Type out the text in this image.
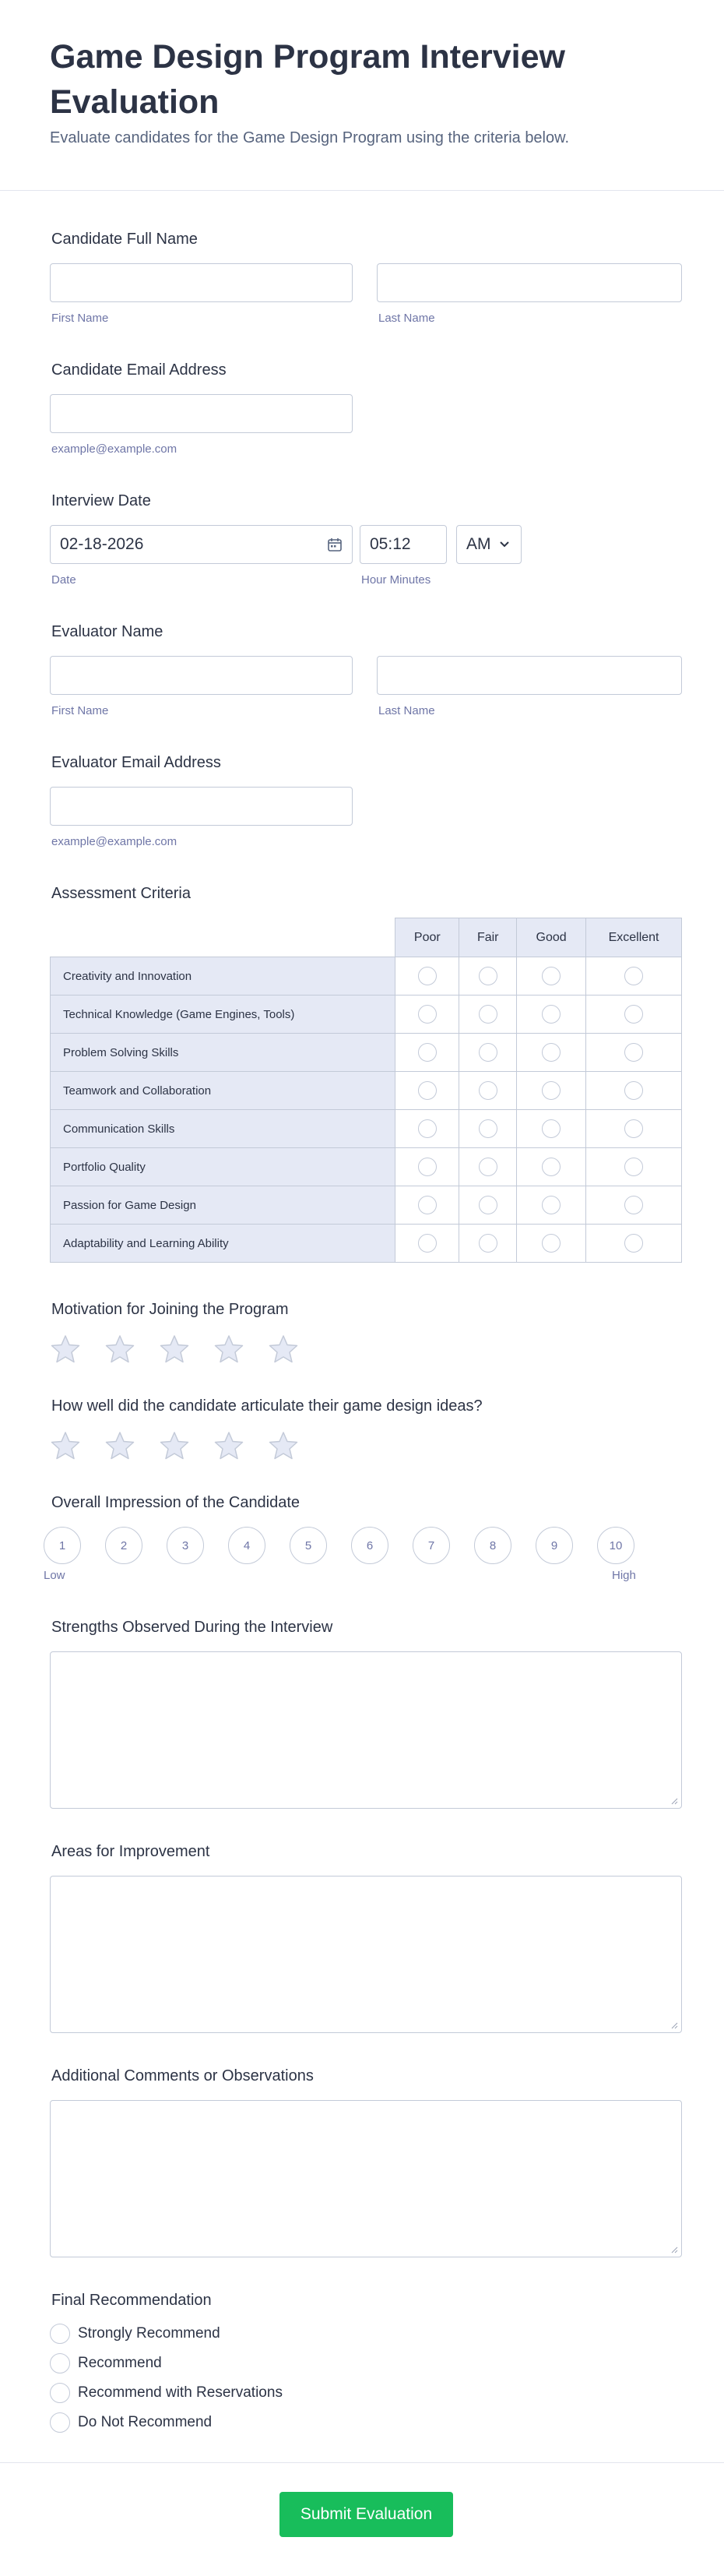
Game Design Program Interview Evaluation

Evaluate candidates for the Game Design Program using the criteria below.

Candidate Full Name
First Name	Last Name
Candidate Email Address
example@example.com
Interview Date
02-18-2026	05:12	AM
Date	Hour Minutes
Evaluator Name
First Name	Last Name
Evaluator Email Address
example@example.com
Assessment Criteria
	Poor	Fair	Good	Excellent
Creativity and Innovation				
Technical Knowledge (Game Engines, Tools)				
Problem Solving Skills				
Teamwork and Collaboration				
Communication Skills				
Portfolio Quality				
Passion for Game Design				
Adaptability and Learning Ability				
Motivation for Joining the Program
How well did the candidate articulate their game design ideas?
Overall Impression of the Candidate
1	2	3	4	5	6	7	8	9	10
Low	High
Strengths Observed During the Interview
Areas for Improvement
Additional Comments or Observations
Final Recommendation
Strongly Recommend
Recommend
Recommend with Reservations
Do Not Recommend
Submit Evaluation
